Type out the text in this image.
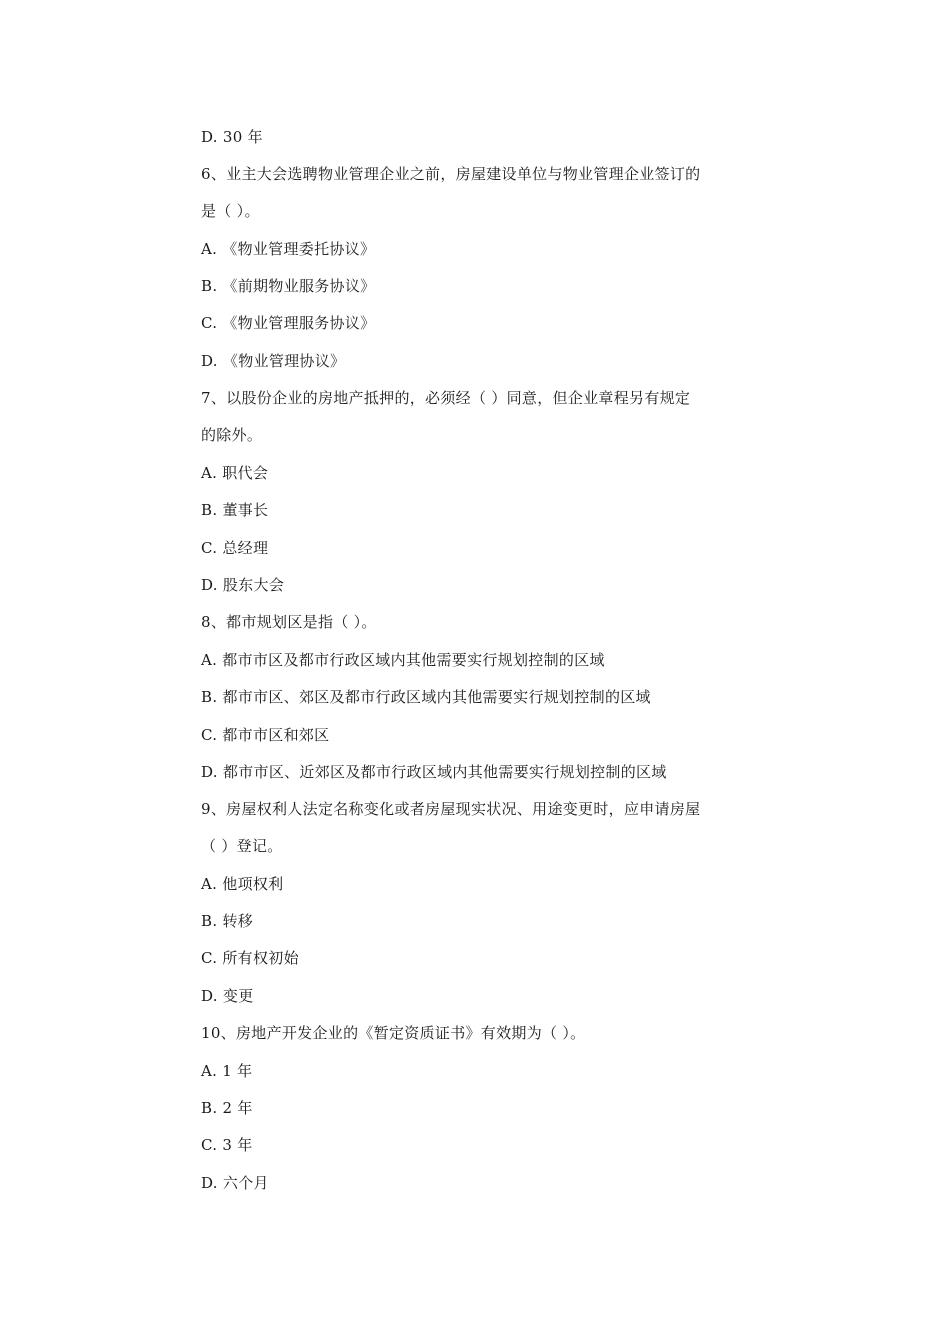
D. 30 年
6、业主大会选聘物业管理企业之前，房屋建设单位与物业管理企业签订的
是（ ）。
A. 《物业管理委托协议》
B. 《前期物业服务协议》
C. 《物业管理服务协议》
D. 《物业管理协议》
7、以股份企业的房地产抵押的，必须经（ ）同意，但企业章程另有规定
的除外。
A. 职代会
B. 董事长
C. 总经理
D. 股东大会
8、都市规划区是指（ ）。
A. 都市市区及都市行政区域内其他需要实行规划控制的区域
B. 都市市区、郊区及都市行政区域内其他需要实行规划控制的区域
C. 都市市区和郊区
D. 都市市区、近郊区及都市行政区域内其他需要实行规划控制的区域
9、房屋权利人法定名称变化或者房屋现实状况、用途变更时，应申请房屋
（ ）登记。
A. 他项权利
B. 转移
C. 所有权初始
D. 变更
10、房地产开发企业的《暂定资质证书》有效期为（ ）。
A. 1 年
B. 2 年
C. 3 年
D. 六个月
